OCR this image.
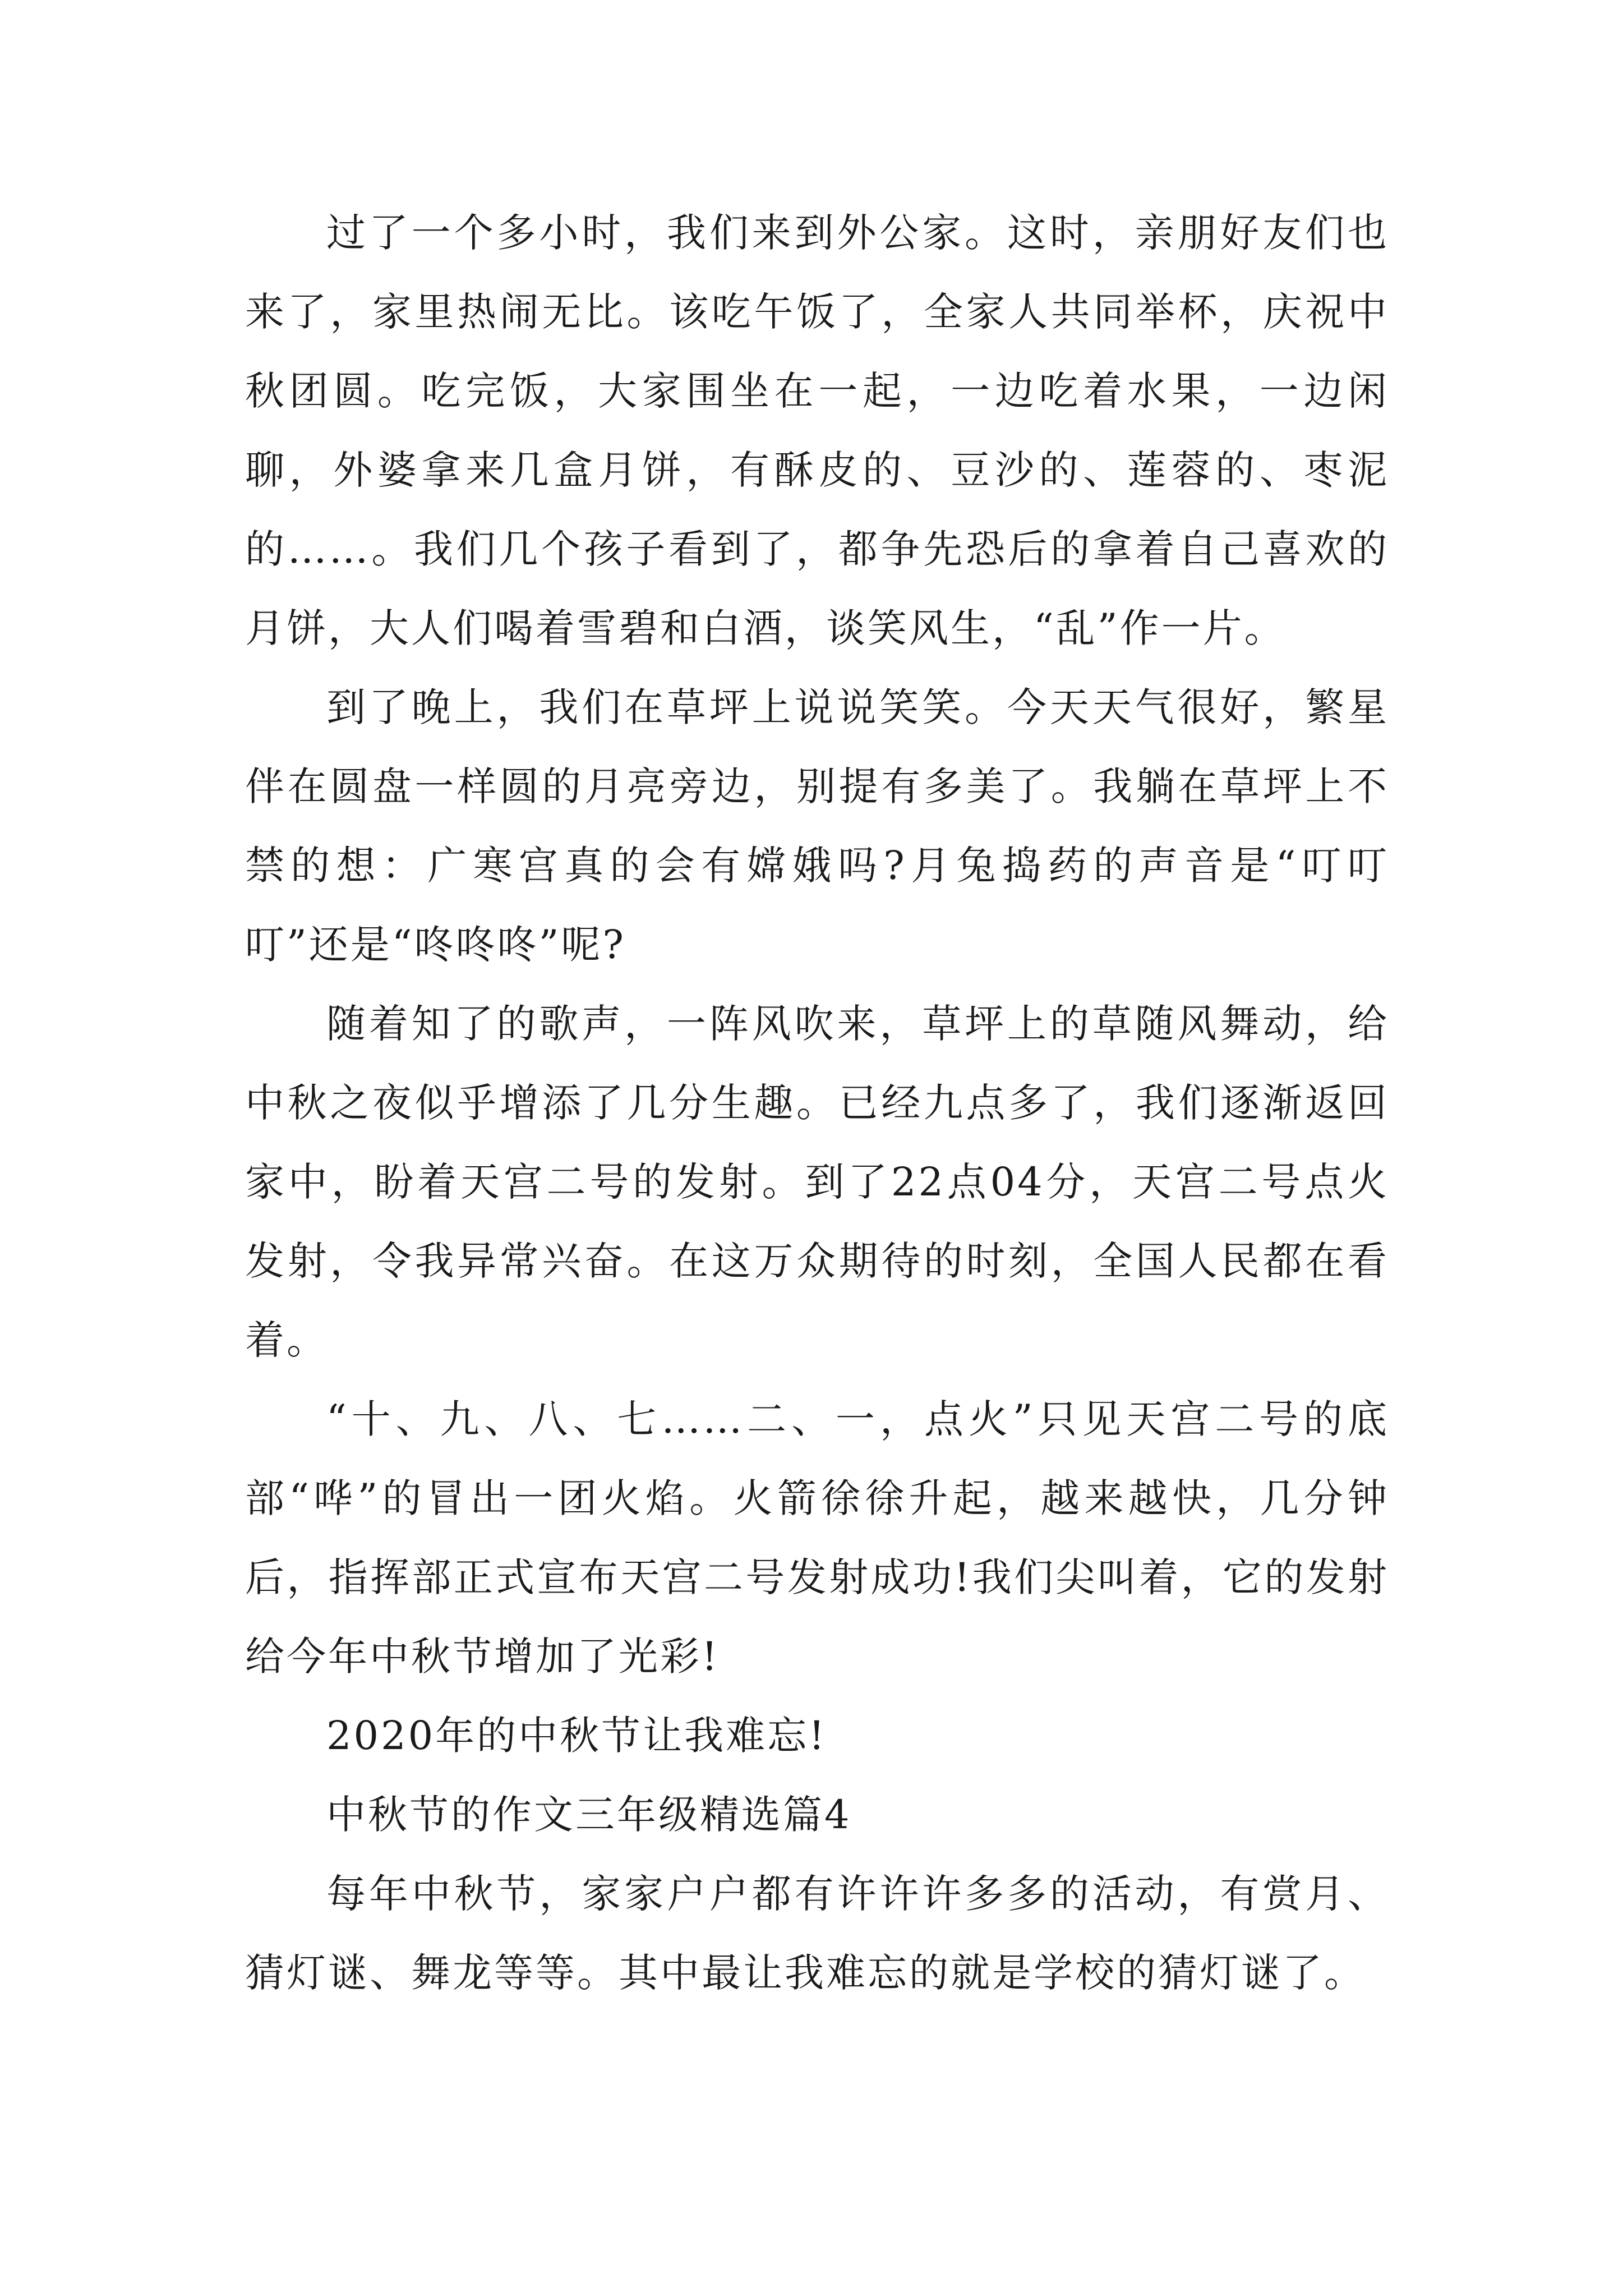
过了一个多小时，我们来到外公家。这时，亲朋好友们也来了，家里热闹无比。该吃午饭了，全家人共同举杯，庆祝中秋团圆。吃完饭，大家围坐在一起，一边吃着水果，一边闲聊，外婆拿来几盒月饼，有酥皮的、豆沙的、莲蓉的、枣泥的……。我们几个孩子看到了，都争先恐后的拿着自己喜欢的月饼，大人们喝着雪碧和白酒，谈笑风生，“乱”作一片。

到了晚上，我们在草坪上说说笑笑。今天天气很好，繁星伴在圆盘一样圆的月亮旁边，别提有多美了。我躺在草坪上不禁的想：广寒宫真的会有嫦娥吗?月兔捣药的声音是“叮叮叮”还是“咚咚咚”呢?

随着知了的歌声，一阵风吹来，草坪上的草随风舞动，给中秋之夜似乎增添了几分生趣。已经九点多了，我们逐渐返回家中，盼着天宫二号的发射。到了22点04分，天宫二号点火发射，令我异常兴奋。在这万众期待的时刻，全国人民都在看着。

“十、九、八、七……二、一，点火”只见天宫二号的底部“哗”的冒出一团火焰。火箭徐徐升起，越来越快，几分钟后，指挥部正式宣布天宫二号发射成功!我们尖叫着，它的发射给今年中秋节增加了光彩!

2020年的中秋节让我难忘!

中秋节的作文三年级精选篇4

每年中秋节，家家户户都有许许许多多的活动，有赏月、猜灯谜、舞龙等等。其中最让我难忘的就是学校的猜灯谜了。
